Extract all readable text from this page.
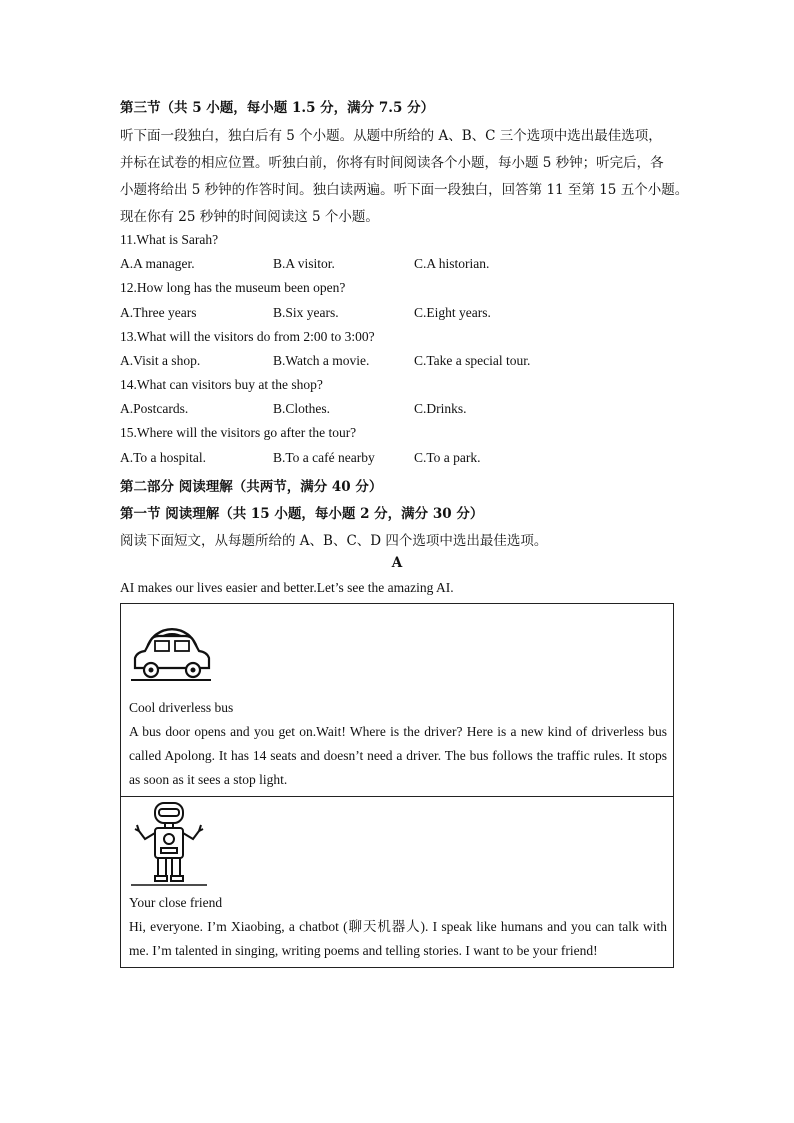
第三节（共 5 小题，每小题 1.5 分，满分 7.5 分）
听下面一段独白，独白后有 5 个小题。从题中所给的 A、B、C 三个选项中选出最佳选项，
并标在试卷的相应位置。听独白前，你将有时间阅读各个小题，每小题 5 秒钟；听完后，各
小题将给出 5 秒钟的作答时间。独白读两遍。听下面一段独白，回答第 11 至第 15 五个小题。
现在你有 25 秒钟的时间阅读这 5 个小题。
11.What is Sarah?
A.A manager.	B.A visitor.	C.A historian.
12.How long has the museum been open?
A.Three years	B.Six years.	C.Eight years.
13.What will the visitors do from 2:00 to 3:00?
A.Visit a shop.	B.Watch a movie.	C.Take a special tour.
14.What can visitors buy at the shop?
A.Postcards.	B.Clothes.	C.Drinks.
15.Where will the visitors go after the tour?
A.To a hospital.	B.To a café nearby	C.To a park.
第二部分 阅读理解（共两节，满分 40 分）
第一节 阅读理解（共 15 小题，每小题 2 分，满分 30 分）
阅读下面短文，从每题所给的 A、B、C、D 四个选项中选出最佳选项。
A
AI makes our lives easier and better.Let’s see the amazing AI.
Cool driverless bus
A bus door opens and you get on.Wait! Where is the driver? Here is a new kind of driverless bus called Apolong. It has 14 seats and doesn’t need a driver. The bus follows the traffic rules. It stops as soon as it sees a stop light.
Your close friend
Hi, everyone. I’m Xiaobing, a chatbot (聊天机器人). I speak like humans and you can talk with me. I’m talented in singing, writing poems and telling stories. I want to be your friend!
